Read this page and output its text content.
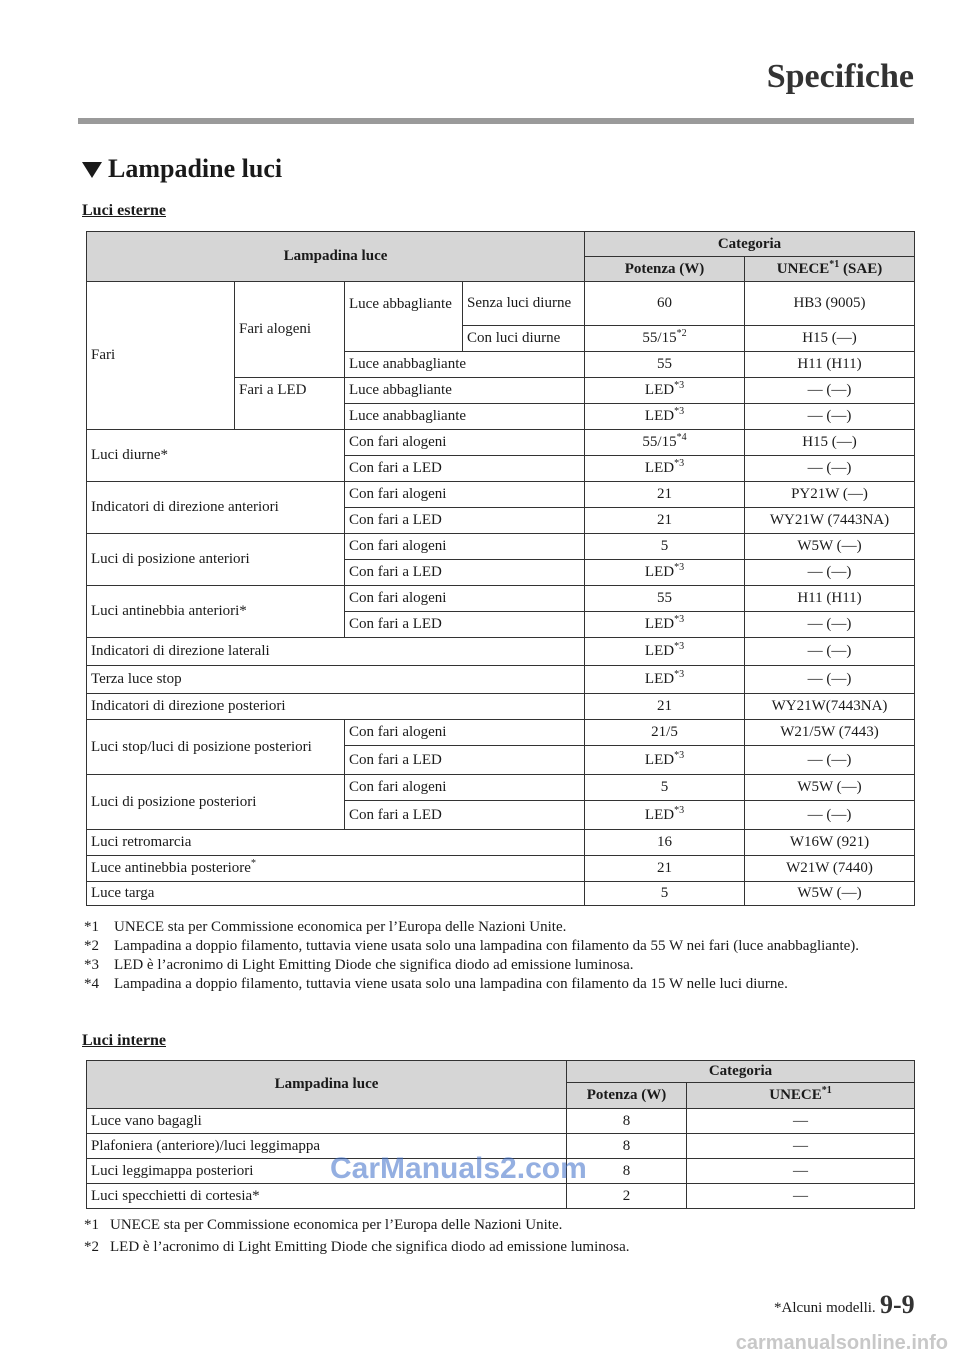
Specifiche
Lampadine luci
Luci esterne
Lampadina luce				Categoria	
				Potenza (W)	UNECE$^{*1}$ (SAE)
Fari	Fari alogeni	Luce abbagliante	Senza luci diurne	60	HB3 (9005)
			Con luci diurne	55/15$^{*2}$	H15 (—)
		Luce anabbagliante		55	H11 (H11)
	Fari a LED	Luce abbagliante		LED$^{*3}$	— (—)
		Luce anabbagliante		LED$^{*3}$	— (—)
Luci diurne*		Con fari alogeni		55/15$^{*4}$	H15 (—)
		Con fari a LED		LED$^{*3}$	— (—)
Indicatori di direzione anteriori		Con fari alogeni		21	PY21W (—)
		Con fari a LED		21	WY21W (7443NA)
Luci di posizione anteriori		Con fari alogeni		5	W5W (—)
		Con fari a LED		LED$^{*3}$	— (—)
Luci antinebbia anteriori*		Con fari alogeni		55	H11 (H11)
		Con fari a LED		LED$^{*3}$	— (—)
Indicatori di direzione laterali				LED$^{*3}$	— (—)
Terza luce stop				LED$^{*3}$	— (—)
Indicatori di direzione posteriori				21	WY21W(7443NA)
Luci stop/luci di posizione posteriori		Con fari alogeni		21/5	W21/5W (7443)
		Con fari a LED		LED$^{*3}$	— (—)
Luci di posizione posteriori		Con fari alogeni		5	W5W (—)
		Con fari a LED		LED$^{*3}$	— (—)
Luci retromarcia				16	W16W (921)
Luce antinebbia posteriore*				21	W21W (7440)
Luce targa				5	W5W (—)
*1	UNECE sta per Commissione economica per l’Europa delle Nazioni Unite.
*2	Lampadina a doppio filamento, tuttavia viene usata solo una lampadina con filamento da 55 W nei fari (luce anabbagliante).
*3	LED è l’acronimo di Light Emitting Diode che significa diodo ad emissione luminosa.
*4	Lampadina a doppio filamento, tuttavia viene usata solo una lampadina con filamento da 15 W nelle luci diurne.
Luci interne
Lampadina luce	Categoria	
	Potenza (W)	UNECE$^{*1}$
Luce vano bagagli	8	—
Plafoniera (anteriore)/luci leggimappa	8	—
Luci leggimappa posteriori	8	—
Luci specchietti di cortesia*	2	—
*1 UNECE sta per Commissione economica per l’Europa delle Nazioni Unite.
*2 LED è l’acronimo di Light Emitting Diode che significa diodo ad emissione luminosa.
CarManuals2.com
*Alcuni modelli. 9-9
carmanualsonline.info
